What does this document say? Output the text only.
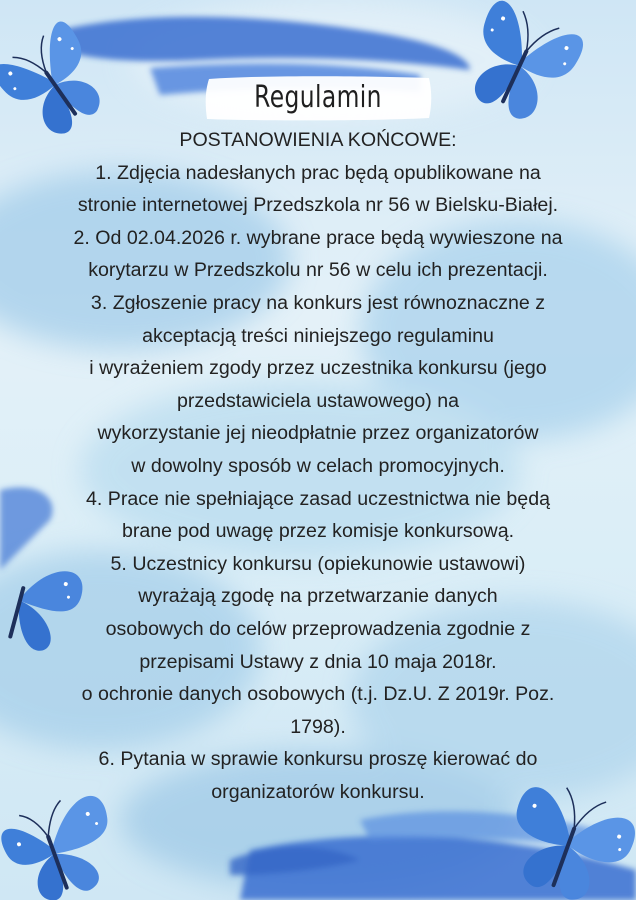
Regulamin
POSTANOWIENIA KOŃCOWE:
1. Zdjęcia nadesłanych prac będą opublikowane na
stronie internetowej Przedszkola nr 56 w Bielsku-Białej.
2. Od 02.04.2026 r. wybrane prace będą wywieszone na
korytarzu w Przedszkolu nr 56 w celu ich prezentacji.
3. Zgłoszenie pracy na konkurs jest równoznaczne z
akceptacją treści niniejszego regulaminu
i wyrażeniem zgody przez uczestnika konkursu (jego
przedstawiciela ustawowego) na
wykorzystanie jej nieodpłatnie przez organizatorów
w dowolny sposób w celach promocyjnych.
4. Prace nie spełniające zasad uczestnictwa nie będą
brane pod uwagę przez komisje konkursową.
5. Uczestnicy konkursu (opiekunowie ustawowi)
wyrażają zgodę na przetwarzanie danych
osobowych do celów przeprowadzenia zgodnie z
przepisami Ustawy z dnia 10 maja 2018r.
o ochronie danych osobowych (t.j. Dz.U. Z 2019r. Poz.
1798).
6. Pytania w sprawie konkursu proszę kierować do
organizatorów konkursu.
